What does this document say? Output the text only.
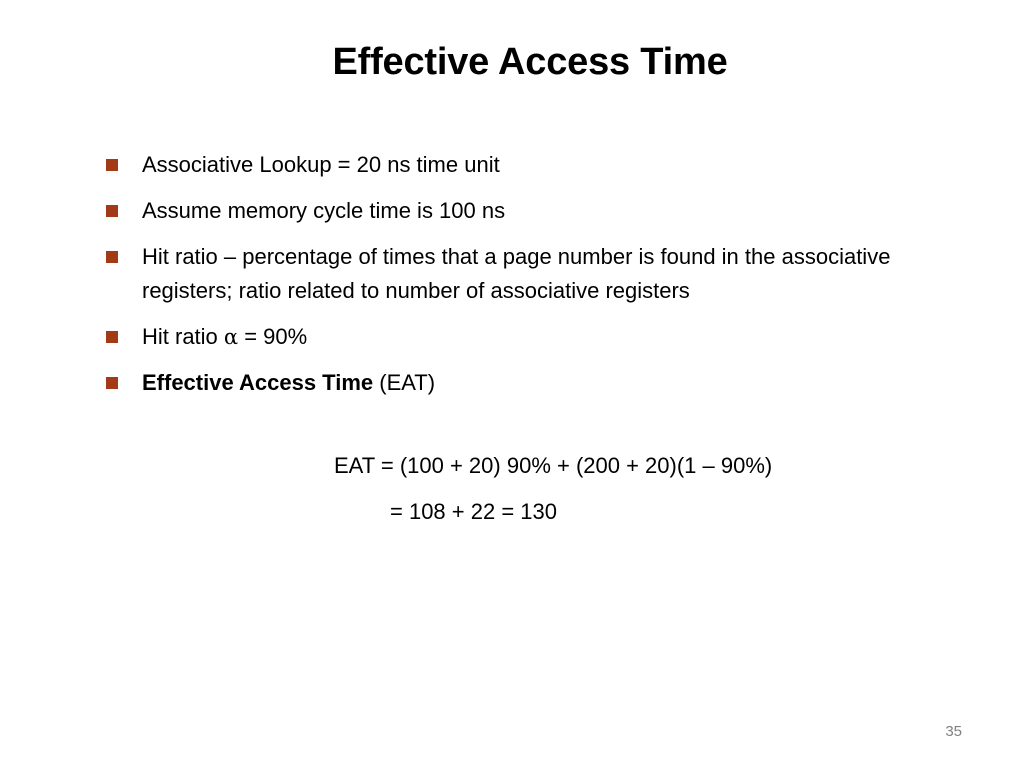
Effective Access Time
Associative Lookup = 20 ns time unit
Assume memory cycle time is 100 ns
Hit ratio – percentage of times that a page number is found in the associative registers; ratio related to number of associative registers
Hit ratio α = 90%
Effective Access Time (EAT)
EAT = (100 + 20) 90% + (200 + 20)(1 – 90%)
= 108 + 22 = 130
35
